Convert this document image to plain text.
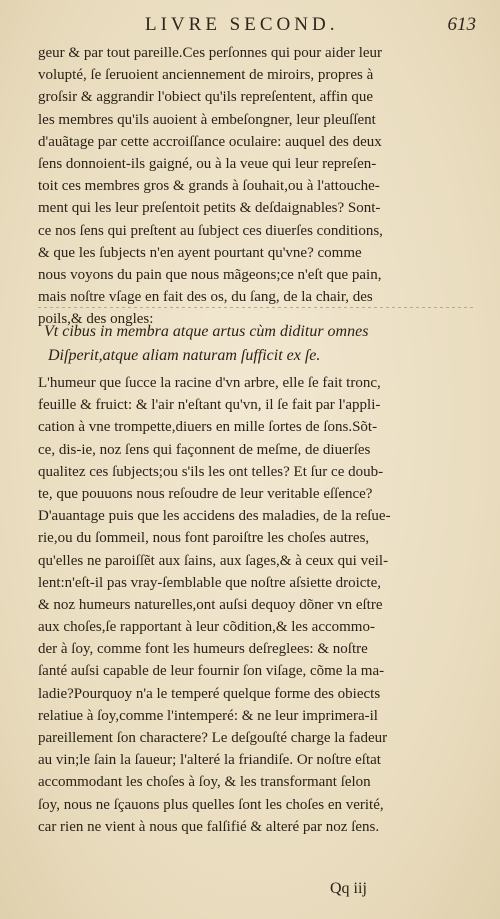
LIVRE SECOND.	613
geur & par tout pareille.Ces perſonnes qui pour aider leur
volupté, ſe ſeruoient anciennement de miroirs, propres à
groſsir & aggrandir l'obiect qu'ils repreſentent, affin que
les membres qu'ils auoient à embeſongner, leur pleuſſent
d'auãtage par cette accroiſſance oculaire: auquel des deux
ſens donnoient-ils gaigné, ou à la veue qui leur repreſen-
toit ces membres gros & grands à ſouhait,ou à l'attouche-
ment qui les leur preſentoit petits & deſdaignables? Sont-
ce nos ſens qui preſtent au ſubject ces diuerſes conditions,
& que les ſubjects n'en ayent pourtant qu'vne? comme
nous voyons du pain que nous mãgeons;ce n'eſt que pain,
mais noſtre vſage en fait des os, du ſang, de la chair, des
poils,& des ongles:
Vt cibus in membra atque artus cùm diditur omnes
Diſperit,atque aliam naturam ſufficit ex ſe.
L'humeur que ſucce la racine d'vn arbre, elle ſe fait tronc,
feuille & fruict: & l'air n'eſtant qu'vn, il ſe fait par l'appli-
cation à vne trompette,diuers en mille ſortes de ſons.Sõt-
ce, dis-ie, noz ſens qui façonnent de meſme, de diuerſes
qualitez ces ſubjects;ou s'ils les ont telles? Et ſur ce doub-
te, que pouuons nous reſoudre de leur veritable eſſence?
D'auantage puis que les accidens des maladies, de la reſue-
rie,ou du ſommeil, nous font paroiſtre les choſes autres,
qu'elles ne paroiſſẽt aux ſains, aux ſages,& à ceux qui veil-
lent:n'eſt-il pas vray-ſemblable que noſtre aſsiette droicte,
& noz humeurs naturelles,ont auſsi dequoy dõner vn eſtre
aux choſes,ſe rapportant à leur cõdition,& les accommo-
der à ſoy, comme font les humeurs deſreglees: & noſtre
ſanté auſsi capable de leur fournir ſon viſage, cõme la ma-
ladie?Pourquoy n'a le temperé quelque forme des obiects
relatiue à ſoy,comme l'intemperé: & ne leur imprimera-il
pareillement ſon charactere? Le deſgouſté charge la fadeur
au vin;le ſain la ſaueur; l'alteré la friandiſe. Or noſtre eſtat
accommodant les choſes à ſoy, & les transformant ſelon
ſoy, nous ne ſçauons plus quelles ſont les choſes en verité,
car rien ne vient à nous que falſifié & alteré par noz ſens.
Qq iij
